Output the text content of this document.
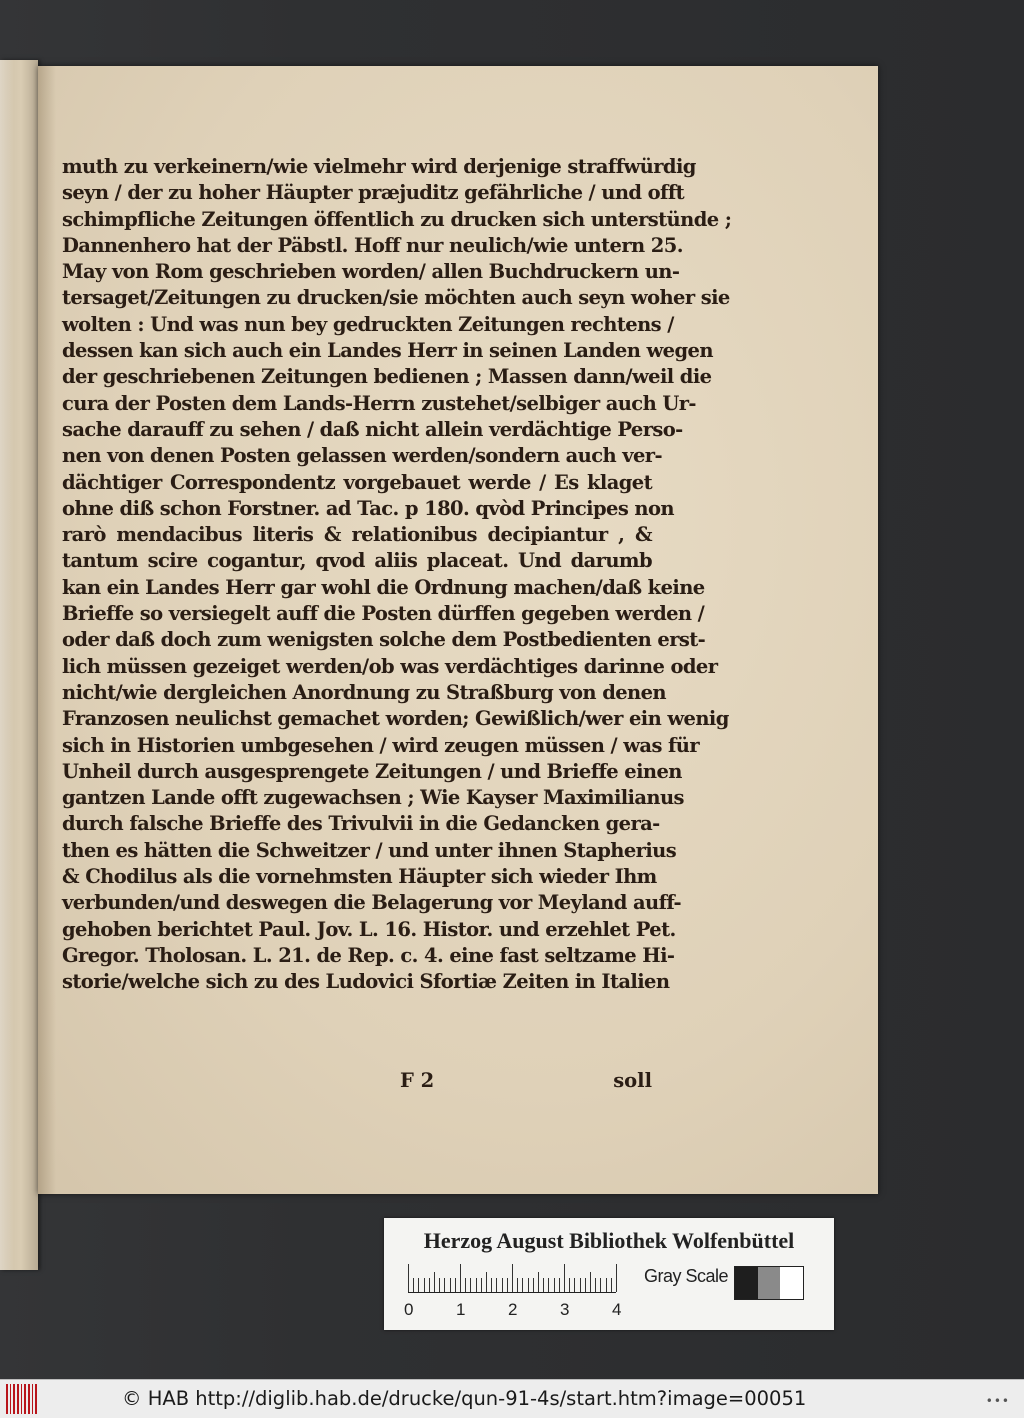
muth zu verkeinern/wie vielmehr wird derjenige straffwürdig
seyn / der zu hoher Häupter præjuditz gefährliche / und offt
schimpfliche Zeitungen öffentlich zu drucken sich unterstünde ;
Dannenhero hat der Päbstl. Hoff nur neulich/wie untern 25.
May von Rom geschrieben worden/ allen Buchdruckern un-
tersaget/Zeitungen zu drucken/sie möchten auch seyn woher sie
wolten : Und was nun bey gedruckten Zeitungen rechtens /
dessen kan sich auch ein Landes Herr in seinen Landen wegen
der geschriebenen Zeitungen bedienen ; Massen dann/weil die
cura der Posten dem Lands-Herrn zustehet/selbiger auch Ur-
sache darauff zu sehen / daß nicht allein verdächtige Perso-
nen von denen Posten gelassen werden/sondern auch ver-
dächtiger Correspondentz vorgebauet werde / Es klaget
ohne diß schon Forstner. ad Tac. p 180. qvòd Principes non
rarò mendacibus literis & relationibus decipiantur , &
tantum scire cogantur, qvod aliis placeat. Und darumb
kan ein Landes Herr gar wohl die Ordnung machen/daß keine
Brieffe so versiegelt auff die Posten dürffen gegeben werden /
oder daß doch zum wenigsten solche dem Postbedienten erst-
lich müssen gezeiget werden/ob was verdächtiges darinne oder
nicht/wie dergleichen Anordnung zu Straßburg von denen
Franzosen neulichst gemachet worden; Gewißlich/wer ein wenig
sich in Historien umbgesehen / wird zeugen müssen / was für
Unheil durch ausgesprengete Zeitungen / und Brieffe einen
gantzen Lande offt zugewachsen ; Wie Kayser Maximilianus
durch falsche Brieffe des Trivulvii in die Gedancken gera-
then es hätten die Schweitzer / und unter ihnen Stapherius
& Chodilus als die vornehmsten Häupter sich wieder Ihm
verbunden/und deswegen die Belagerung vor Meyland auff-
gehoben berichtet Paul. Jov. L. 16. Histor. und erzehlet Pet.
Gregor. Tholosan. L. 21. de Rep. c. 4. eine fast seltzame Hi-
storie/welche sich zu des Ludovici Sfortiæ Zeiten in Italien
F 2	soll
Herzog August Bibliothek Wolfenbüttel
0	1	2	3	4
Gray Scale
© HAB http://diglib.hab.de/drucke/qun-91-4s/start.htm?image=00051	•••
